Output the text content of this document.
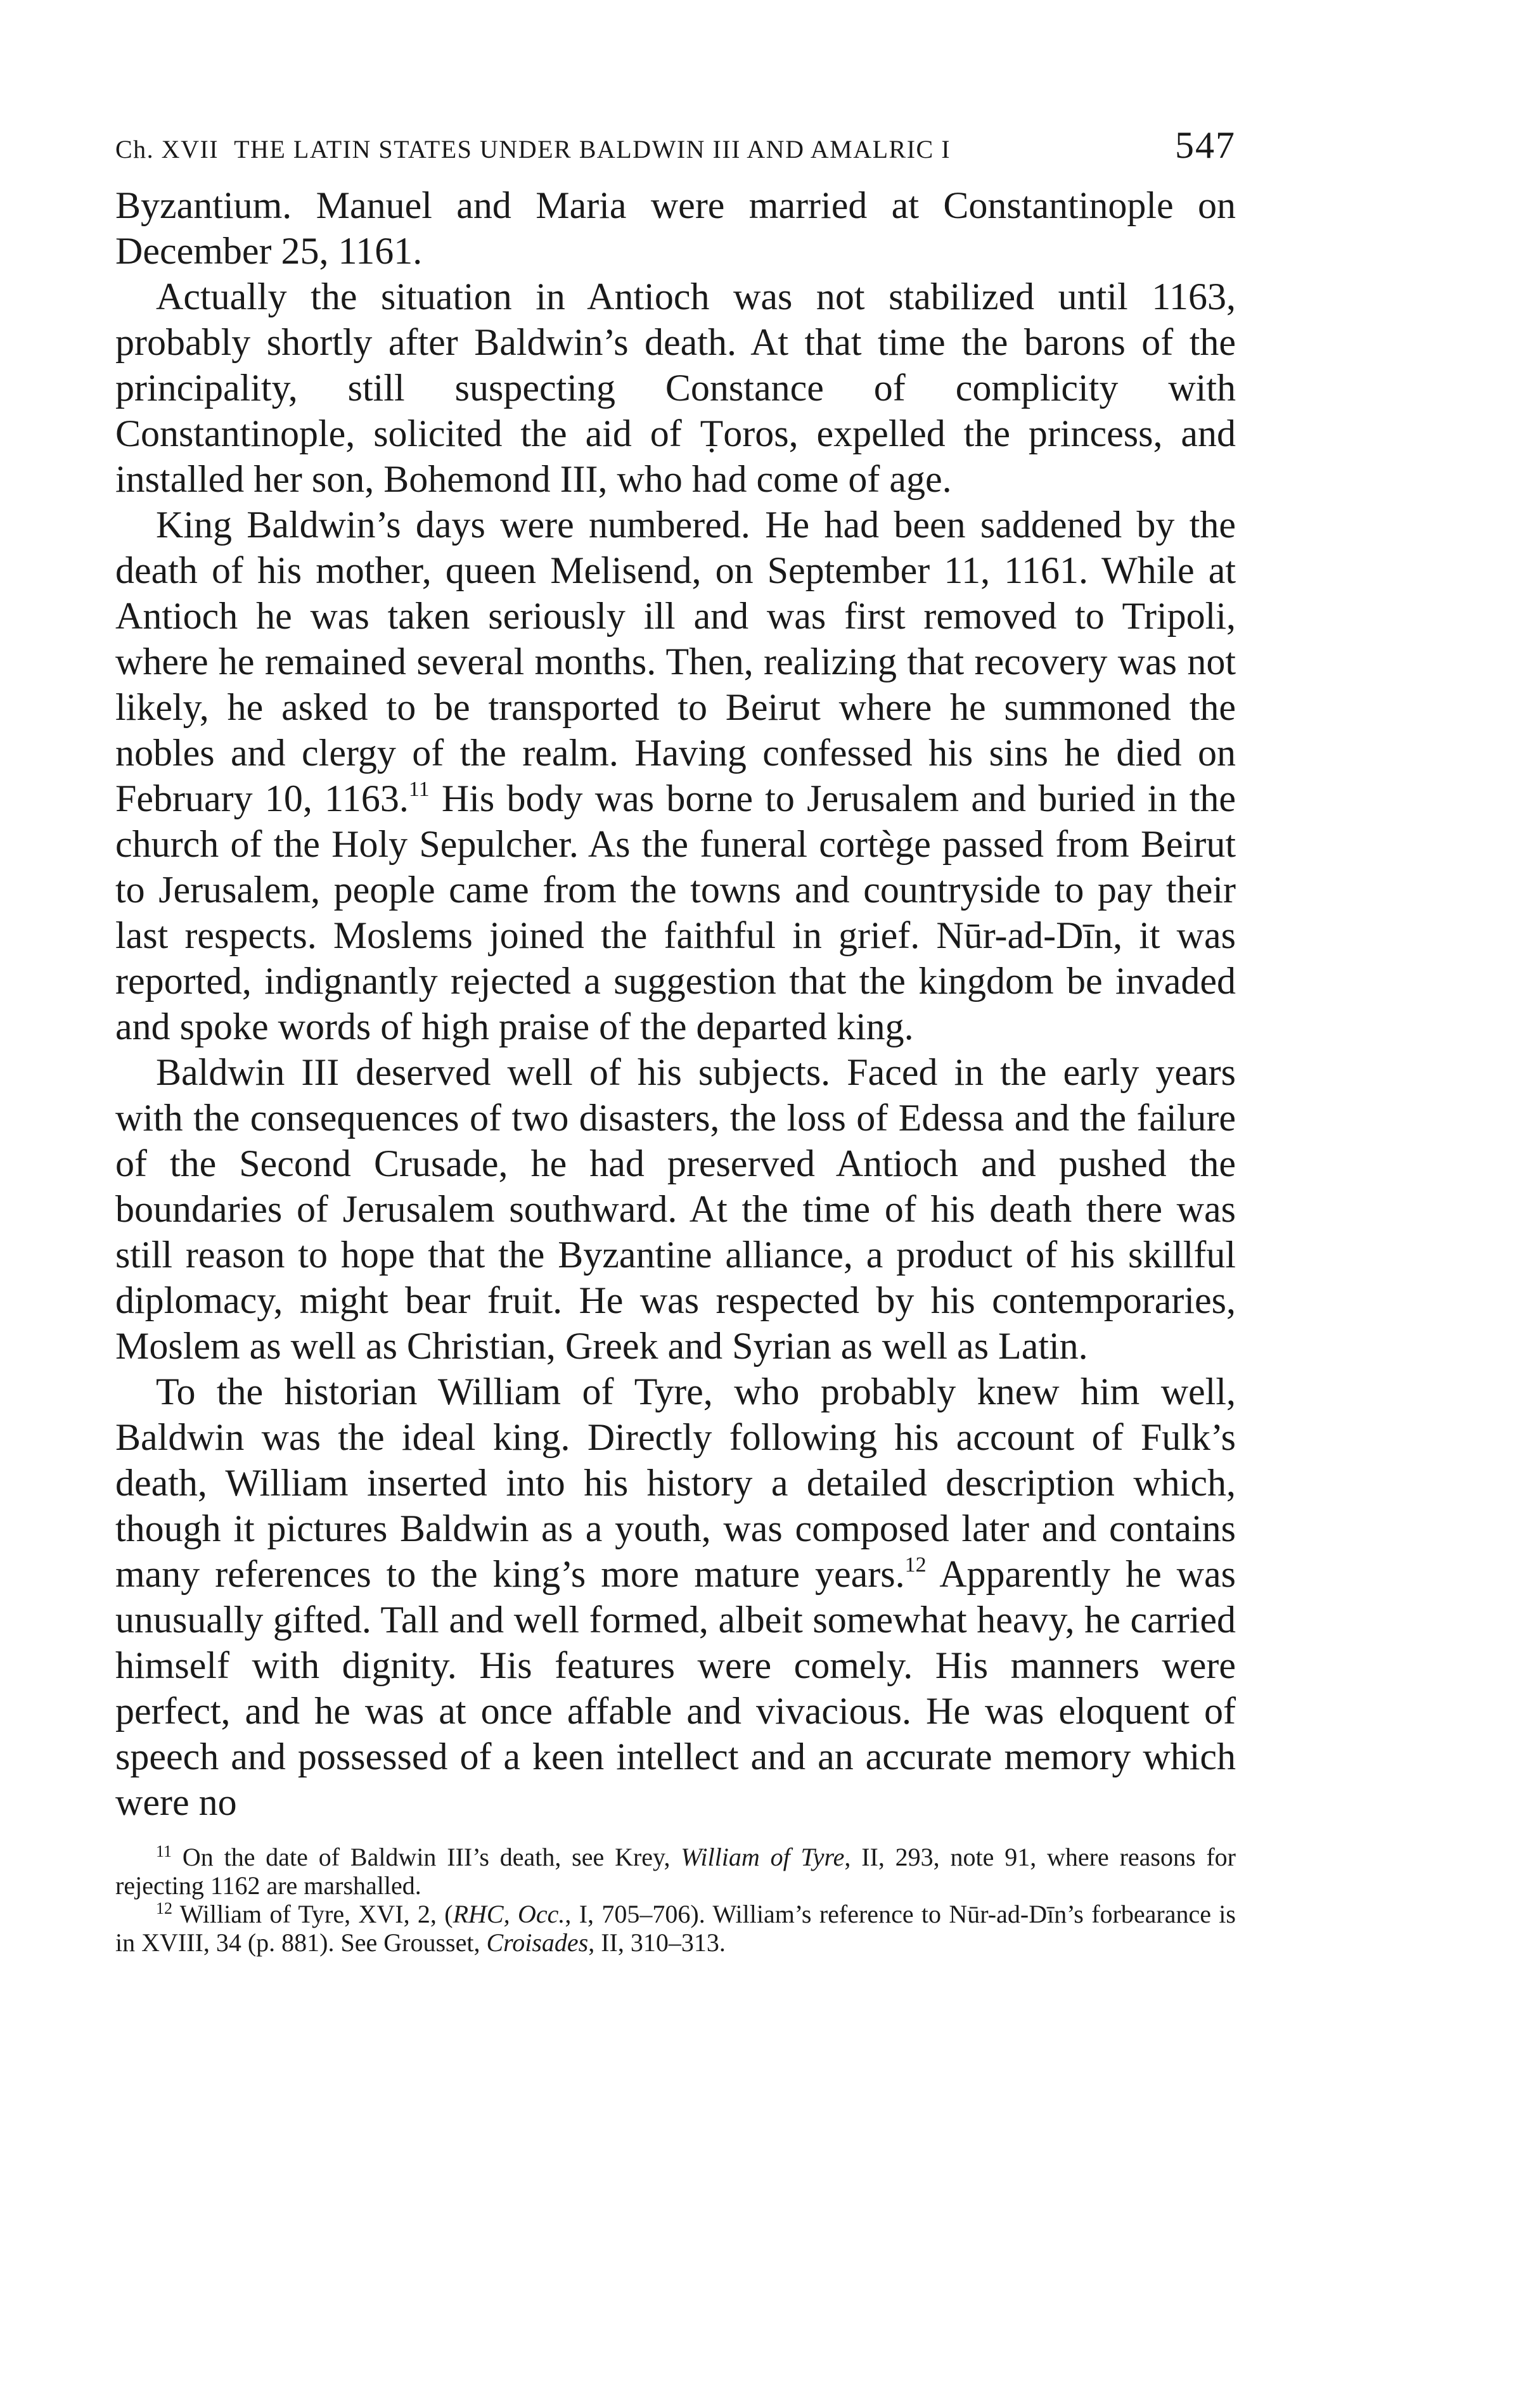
Ch. XVII THE LATIN STATES UNDER BALDWIN III AND AMALRIC I	547

Byzantium. Manuel and Maria were married at Constantinople on December 25, 1161.

Actually the situation in Antioch was not stabilized until 1163, probably shortly after Baldwin’s death. At that time the barons of the principality, still suspecting Constance of complicity with Constantinople, solicited the aid of Ṭoros, expelled the princess, and installed her son, Bohemond III, who had come of age.

King Baldwin’s days were numbered. He had been saddened by the death of his mother, queen Melisend, on September 11, 1161. While at Antioch he was taken seriously ill and was first removed to Tripoli, where he remained several months. Then, realizing that recovery was not likely, he asked to be transported to Beirut where he summoned the nobles and clergy of the realm. Having confessed his sins he died on February 10, 1163.11 His body was borne to Jerusalem and buried in the church of the Holy Sepulcher. As the funeral cortège passed from Beirut to Jerusalem, people came from the towns and countryside to pay their last respects. Moslems joined the faithful in grief. Nūr-ad-Dīn, it was reported, indignantly rejected a suggestion that the kingdom be invaded and spoke words of high praise of the departed king.

Baldwin III deserved well of his subjects. Faced in the early years with the consequences of two disasters, the loss of Edessa and the failure of the Second Crusade, he had preserved Antioch and pushed the boundaries of Jerusalem southward. At the time of his death there was still reason to hope that the Byzantine alliance, a product of his skillful diplomacy, might bear fruit. He was respected by his contemporaries, Moslem as well as Christian, Greek and Syrian as well as Latin.

To the historian William of Tyre, who probably knew him well, Baldwin was the ideal king. Directly following his account of Fulk’s death, William inserted into his history a detailed description which, though it pictures Baldwin as a youth, was composed later and contains many references to the king’s more mature years.$^{12}$ Apparently he was unusually gifted. Tall and well formed, albeit somewhat heavy, he carried himself with dignity. His features were comely. His manners were perfect, and he was at once affable and vivacious. He was eloquent of speech and possessed of a keen intellect and an accurate memory which were no

$^{11}$ On the date of Baldwin III’s death, see Krey, William of Tyre, II, 293, note 91, where reasons for rejecting 1162 are marshalled.

$^{12}$ William of Tyre, XVI, 2, (RHC, Occ., I, 705–706). William’s reference to Nūr-ad-Dīn’s forbearance is in XVIII, 34 (p. 881). See Grousset, Croisades, II, 310–313.
